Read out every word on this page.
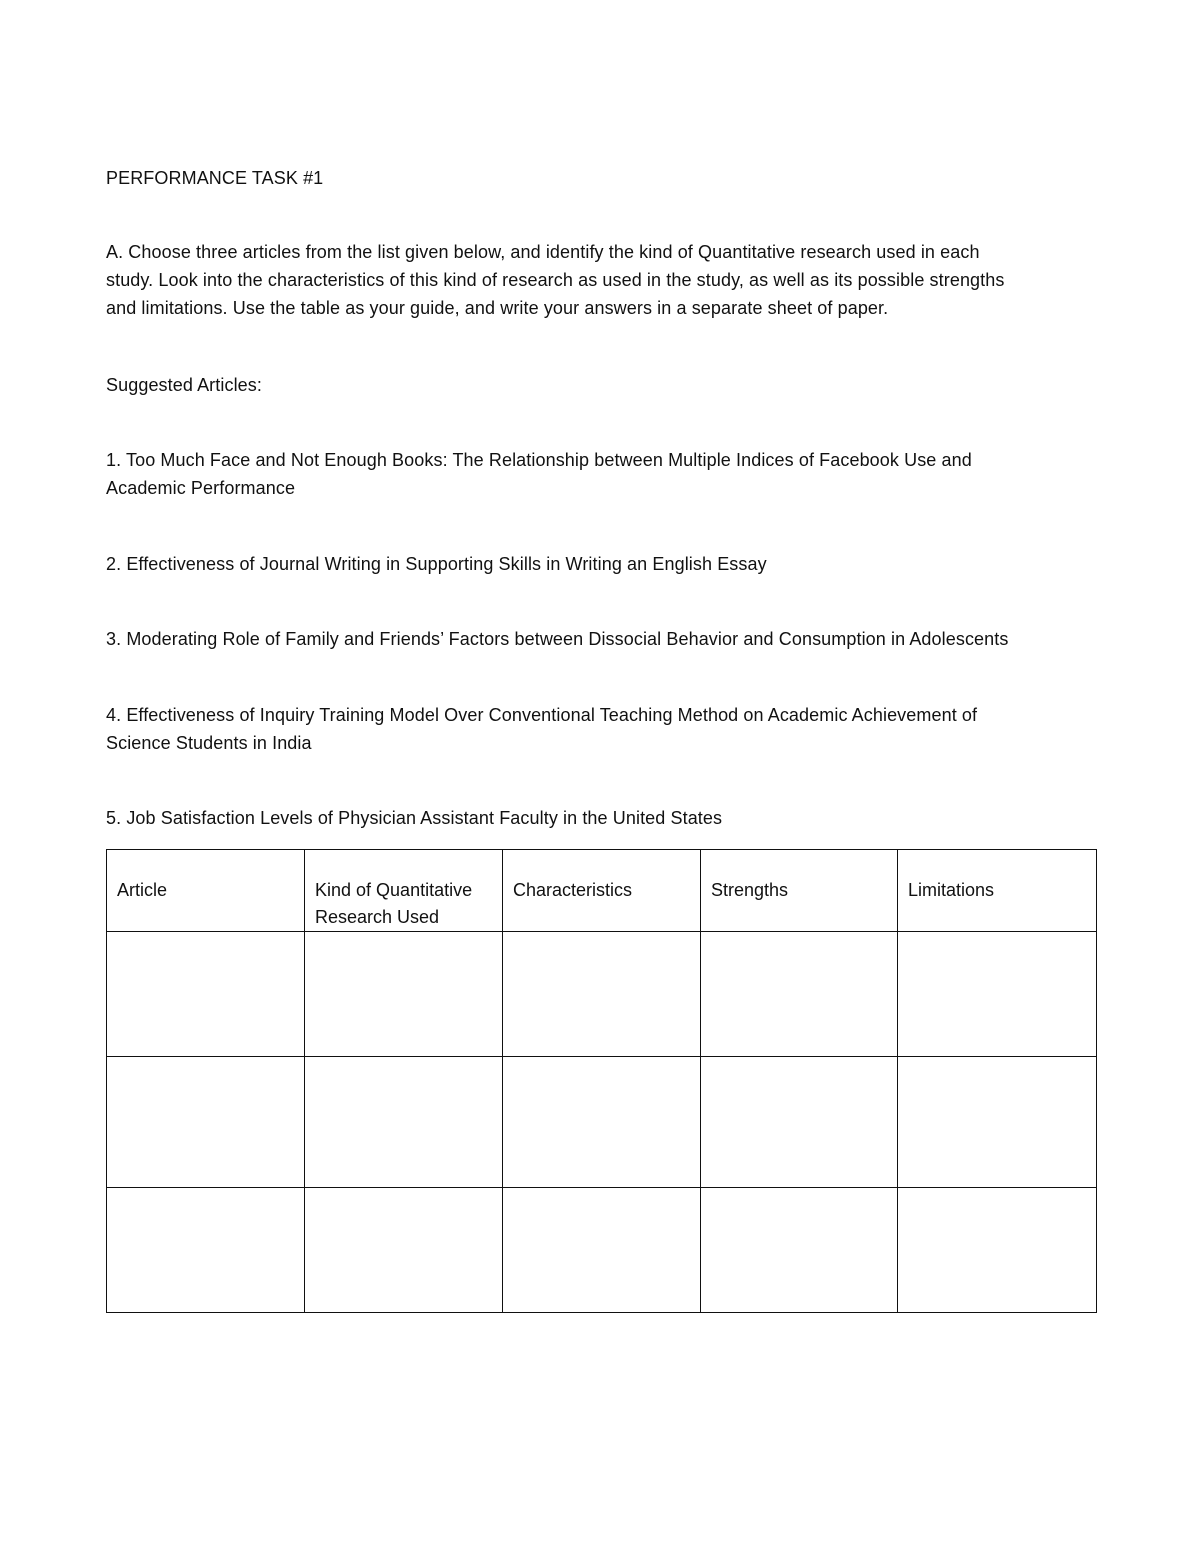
PERFORMANCE TASK #1
A. Choose three articles from the list given below, and identify the kind of Quantitative research used in each
study. Look into the characteristics of this kind of research as used in the study, as well as its possible strengths
and limitations. Use the table as your guide, and write your answers in a separate sheet of paper.
Suggested Articles:
1. Too Much Face and Not Enough Books: The Relationship between Multiple Indices of Facebook Use and
Academic Performance
2. Effectiveness of Journal Writing in Supporting Skills in Writing an English Essay
3. Moderating Role of Family and Friends’ Factors between Dissocial Behavior and Consumption in Adolescents
4. Effectiveness of Inquiry Training Model Over Conventional Teaching Method on Academic Achievement of
Science Students in India
5. Job Satisfaction Levels of Physician Assistant Faculty in the United States
Article	Kind of Quantitative Research Used	Characteristics	Strengths	Limitations
